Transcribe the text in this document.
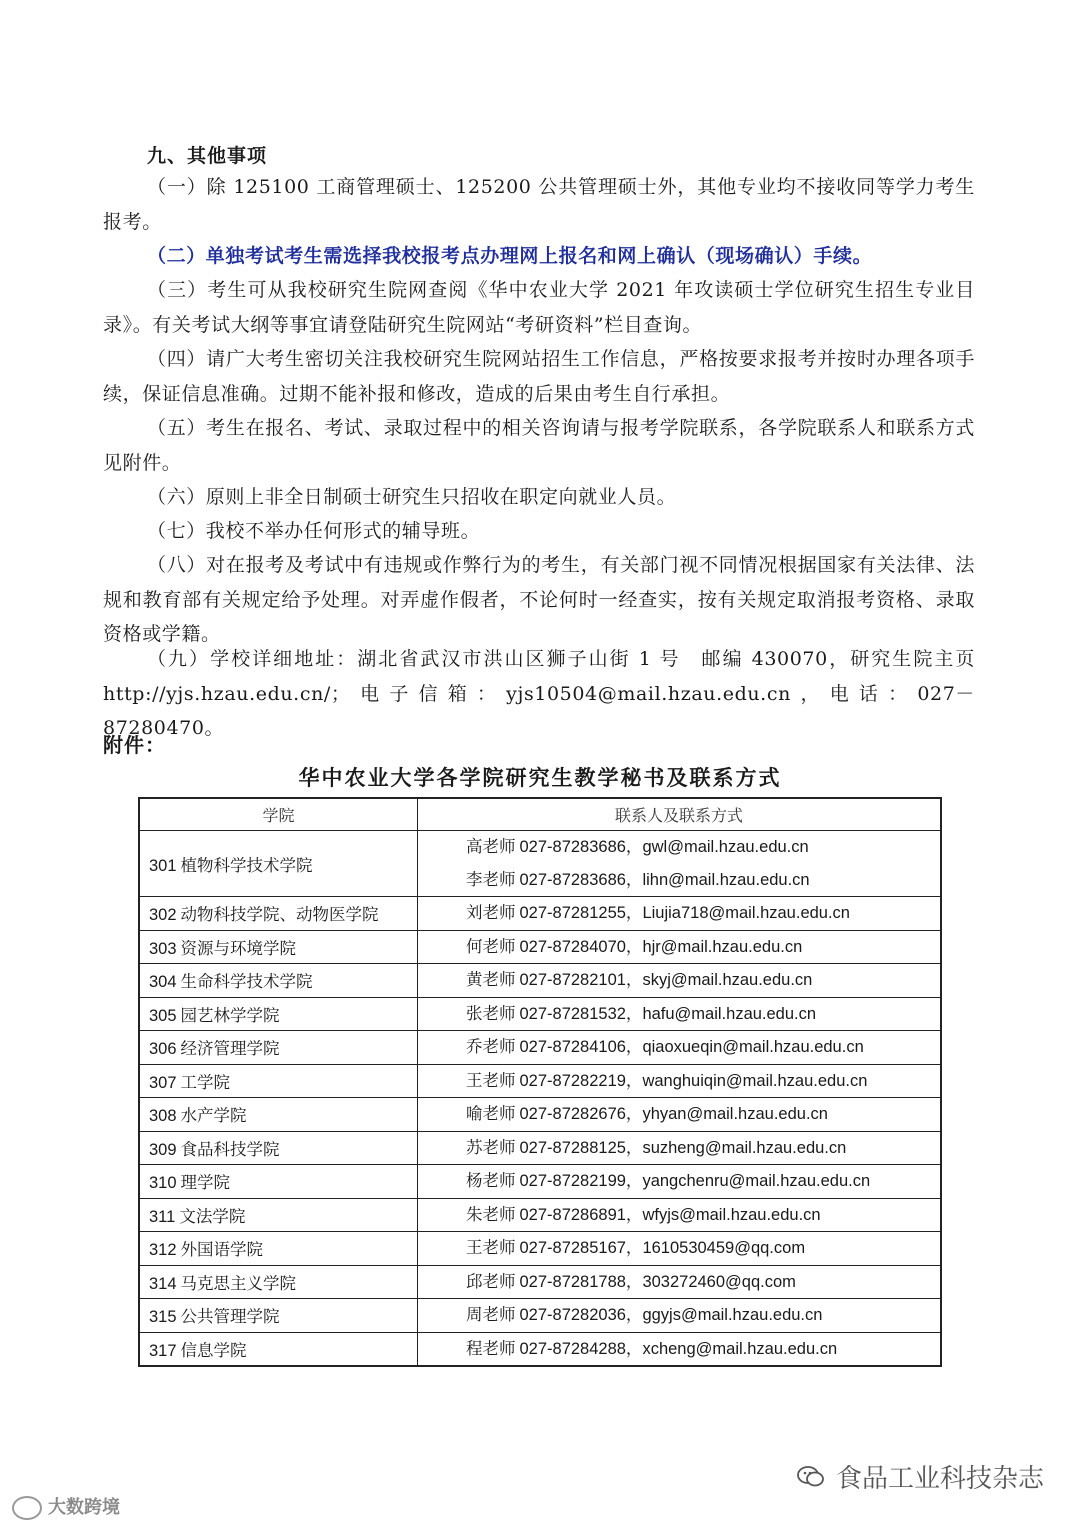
九、其他事项
（一）除 125100 工商管理硕士、125200 公共管理硕士外，其他专业均不接收同等学力考生报考。
（二）单独考试考生需选择我校报考点办理网上报名和网上确认（现场确认）手续。
（三）考生可从我校研究生院网查阅《华中农业大学 2021 年攻读硕士学位研究生招生专业目录》。有关考试大纲等事宜请登陆研究生院网站“考研资料”栏目查询。
（四）请广大考生密切关注我校研究生院网站招生工作信息，严格按要求报考并按时办理各项手续，保证信息准确。过期不能补报和修改，造成的后果由考生自行承担。
（五）考生在报名、考试、录取过程中的相关咨询请与报考学院联系，各学院联系人和联系方式见附件。
（六）原则上非全日制硕士研究生只招收在职定向就业人员。
（七）我校不举办任何形式的辅导班。
（八）对在报考及考试中有违规或作弊行为的考生，有关部门视不同情况根据国家有关法律、法规和教育部有关规定给予处理。对弄虚作假者，不论何时一经查实，按有关规定取消报考资格、录取资格或学籍。
（九）学校详细地址：湖北省武汉市洪山区狮子山街 1 号　邮编 430070，研究生院主页 http://yjs.hzau.edu.cn/；电子信箱：yjs10504@mail.hzau.edu.cn，电话：027－87280470。
附件：
华中农业大学各学院研究生教学秘书及联系方式
学院	联系人及联系方式
301 植物科学技术学院	高老师 027-87283686，gwl@mail.hzau.edu.cn
李老师 027-87283686，lihn@mail.hzau.edu.cn

302 动物科技学院、动物医学院	刘老师 027-87281255，Liujia718@mail.hzau.edu.cn

303 资源与环境学院	何老师 027-87284070，hjr@mail.hzau.edu.cn

304 生命科学技术学院	黄老师 027-87282101，skyj@mail.hzau.edu.cn

305 园艺林学学院	张老师 027-87281532，hafu@mail.hzau.edu.cn

306 经济管理学院	乔老师 027-87284106，qiaoxueqin@mail.hzau.edu.cn

307 工学院	王老师 027-87282219，wanghuiqin@mail.hzau.edu.cn

308 水产学院	喻老师 027-87282676，yhyan@mail.hzau.edu.cn

309 食品科技学院	苏老师 027-87288125，suzheng@mail.hzau.edu.cn

310 理学院	杨老师 027-87282199，yangchenru@mail.hzau.edu.cn

311 文法学院	朱老师 027-87286891，wfyjs@mail.hzau.edu.cn

312 外国语学院	王老师 027-87285167，1610530459@qq.com

314 马克思主义学院	邱老师 027-87281788，303272460@qq.com

315 公共管理学院	周老师 027-87282036，ggyjs@mail.hzau.edu.cn

317 信息学院	程老师 027-87284288，xcheng@mail.hzau.edu.cn
大数跨境
食品工业科技杂志
